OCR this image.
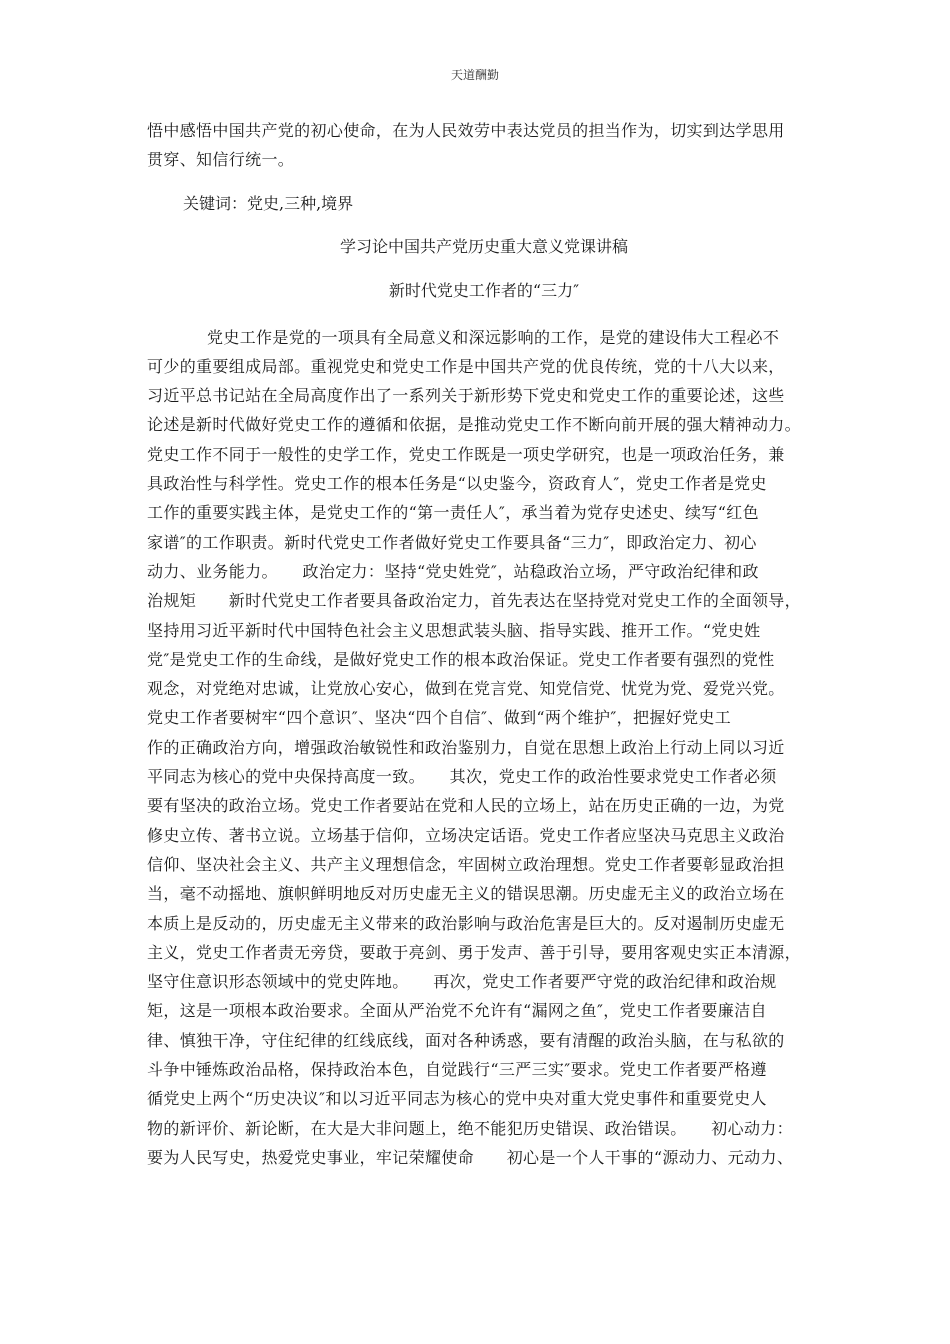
天道酬勤
悟中感悟中国共产党的初心使命，在为人民效劳中表达党员的担当作为，切实到达学思用
贯穿、知信行统一。
关键词：党史,三种,境界
学习论中国共产党历史重大意义党课讲稿
新时代党史工作者的“三力″
党史工作是党的一项具有全局意义和深远影响的工作，是党的建设伟大工程必不
可少的重要组成局部。重视党史和党史工作是中国共产党的优良传统，党的十八大以来，
习近平总书记站在全局高度作出了一系列关于新形势下党史和党史工作的重要论述，这些
论述是新时代做好党史工作的遵循和依据，是推动党史工作不断向前开展的强大精神动力。
党史工作不同于一般性的史学工作，党史工作既是一项史学研究，也是一项政治任务，兼
具政治性与科学性。党史工作的根本任务是“以史鉴今，资政育人″，党史工作者是党史
工作的重要实践主体，是党史工作的“第一责任人″，承当着为党存史述史、续写“红色
家谱″的工作职责。新时代党史工作者做好党史工作要具备“三力″，即政治定力、初心
动力、业务能力。　　政治定力：坚持“党史姓党″，站稳政治立场，严守政治纪律和政
治规矩　　新时代党史工作者要具备政治定力，首先表达在坚持党对党史工作的全面领导，
坚持用习近平新时代中国特色社会主义思想武装头脑、指导实践、推开工作。“党史姓
党″是党史工作的生命线，是做好党史工作的根本政治保证。党史工作者要有强烈的党性
观念，对党绝对忠诚，让党放心安心，做到在党言党、知党信党、忧党为党、爱党兴党。
党史工作者要树牢“四个意识″、坚决“四个自信″、做到“两个维护″，把握好党史工
作的正确政治方向，增强政治敏锐性和政治鉴别力，自觉在思想上政治上行动上同以习近
平同志为核心的党中央保持高度一致。　　其次，党史工作的政治性要求党史工作者必须
要有坚决的政治立场。党史工作者要站在党和人民的立场上，站在历史正确的一边，为党
修史立传、著书立说。立场基于信仰，立场决定话语。党史工作者应坚决马克思主义政治
信仰、坚决社会主义、共产主义理想信念，牢固树立政治理想。党史工作者要彰显政治担
当，毫不动摇地、旗帜鲜明地反对历史虚无主义的错误思潮。历史虚无主义的政治立场在
本质上是反动的，历史虚无主义带来的政治影响与政治危害是巨大的。反对遏制历史虚无
主义，党史工作者责无旁贷，要敢于亮剑、勇于发声、善于引导，要用客观史实正本清源，
坚守住意识形态领域中的党史阵地。　　再次，党史工作者要严守党的政治纪律和政治规
矩，这是一项根本政治要求。全面从严治党不允许有“漏网之鱼″，党史工作者要廉洁自
律、慎独干净，守住纪律的红线底线，面对各种诱惑，要有清醒的政治头脑，在与私欲的
斗争中锤炼政治品格，保持政治本色，自觉践行“三严三实″要求。党史工作者要严格遵
循党史上两个“历史决议″和以习近平同志为核心的党中央对重大党史事件和重要党史人
物的新评价、新论断，在大是大非问题上，绝不能犯历史错误、政治错误。　　初心动力：
要为人民写史，热爱党史事业，牢记荣耀使命　　初心是一个人干事的“源动力、元动力、
